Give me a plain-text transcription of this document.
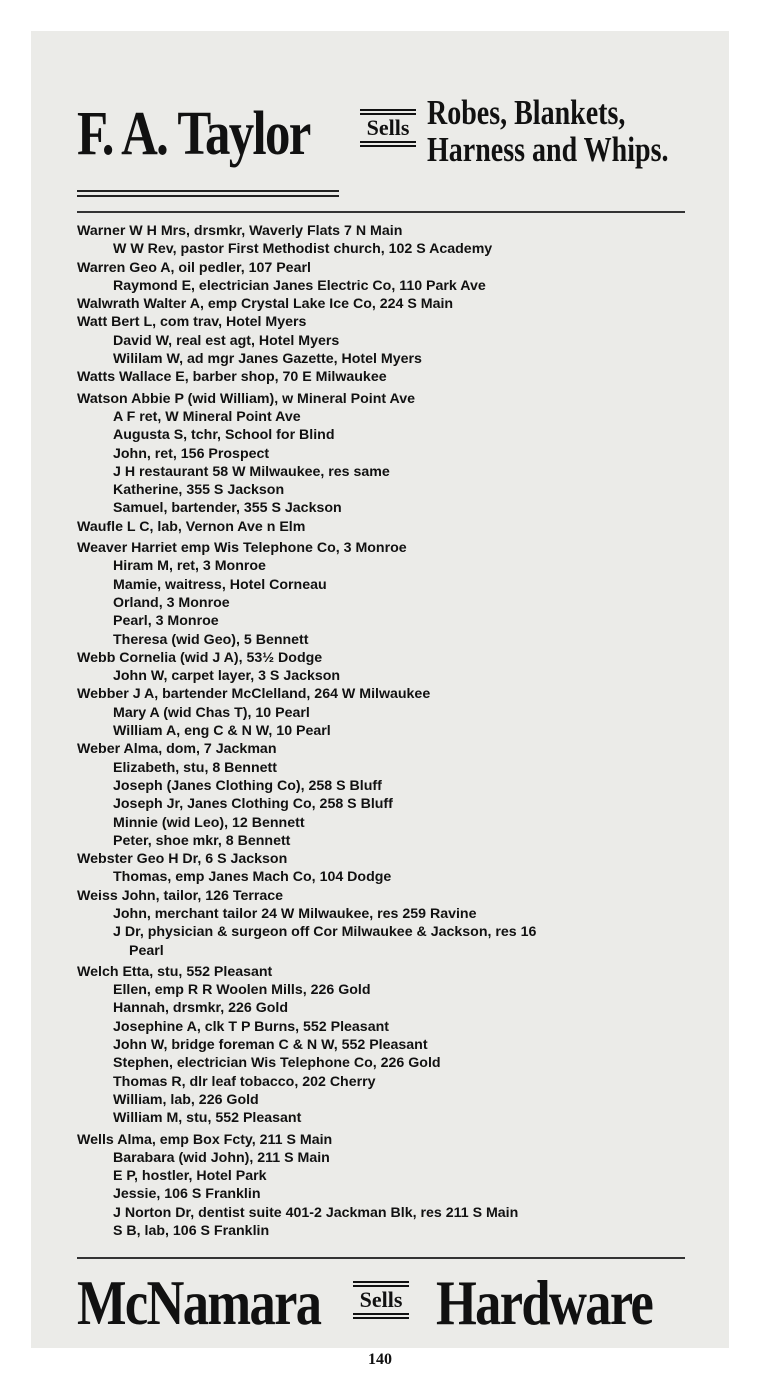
F. A. Taylor	Sells Robes, Blankets,
Harness and Whips.
Warner W H Mrs, drsmkr, Waverly Flats 7 N Main
W W Rev, pastor First Methodist church, 102 S Academy
Warren Geo A, oil pedler, 107 Pearl
Raymond E, electrician Janes Electric Co, 110 Park Ave
Walwrath Walter A, emp Crystal Lake Ice Co, 224 S Main
Watt Bert L, com trav, Hotel Myers
David W, real est agt, Hotel Myers
Wililam W, ad mgr Janes Gazette, Hotel Myers
Watts Wallace E, barber shop, 70 E Milwaukee
Watson Abbie P (wid William), w Mineral Point Ave
A F ret, W Mineral Point Ave
Augusta S, tchr, School for Blind
John, ret, 156 Prospect
J H restaurant 58 W Milwaukee, res same
Katherine, 355 S Jackson
Samuel, bartender, 355 S Jackson
Waufle L C, lab, Vernon Ave n Elm
Weaver Harriet emp Wis Telephone Co, 3 Monroe
Hiram M, ret, 3 Monroe
Mamie, waitress, Hotel Corneau
Orland, 3 Monroe
Pearl, 3 Monroe
Theresa (wid Geo), 5 Bennett
Webb Cornelia (wid J A), 53½ Dodge
John W, carpet layer, 3 S Jackson
Webber J A, bartender McClelland, 264 W Milwaukee
Mary A (wid Chas T), 10 Pearl
William A, eng C & N W, 10 Pearl
Weber Alma, dom, 7 Jackman
Elizabeth, stu, 8 Bennett
Joseph (Janes Clothing Co), 258 S Bluff
Joseph Jr, Janes Clothing Co, 258 S Bluff
Minnie (wid Leo), 12 Bennett
Peter, shoe mkr, 8 Bennett
Webster Geo H Dr, 6 S Jackson
Thomas, emp Janes Mach Co, 104 Dodge
Weiss John, tailor, 126 Terrace
John, merchant tailor 24 W Milwaukee, res 259 Ravine
J Dr, physician & surgeon off Cor Milwaukee & Jackson, res 16
Pearl
Welch Etta, stu, 552 Pleasant
Ellen, emp R R Woolen Mills, 226 Gold
Hannah, drsmkr, 226 Gold
Josephine A, clk T P Burns, 552 Pleasant
John W, bridge foreman C & N W, 552 Pleasant
Stephen, electrician Wis Telephone Co, 226 Gold
Thomas R, dlr leaf tobacco, 202 Cherry
William, lab, 226 Gold
William M, stu, 552 Pleasant
Wells Alma, emp Box Fcty, 211 S Main
Barabara (wid John), 211 S Main
E P, hostler, Hotel Park
Jessie, 106 S Franklin
J Norton Dr, dentist suite 401-2 Jackman Blk, res 211 S Main
S B, lab, 106 S Franklin
McNamara Sells Hardware
140
